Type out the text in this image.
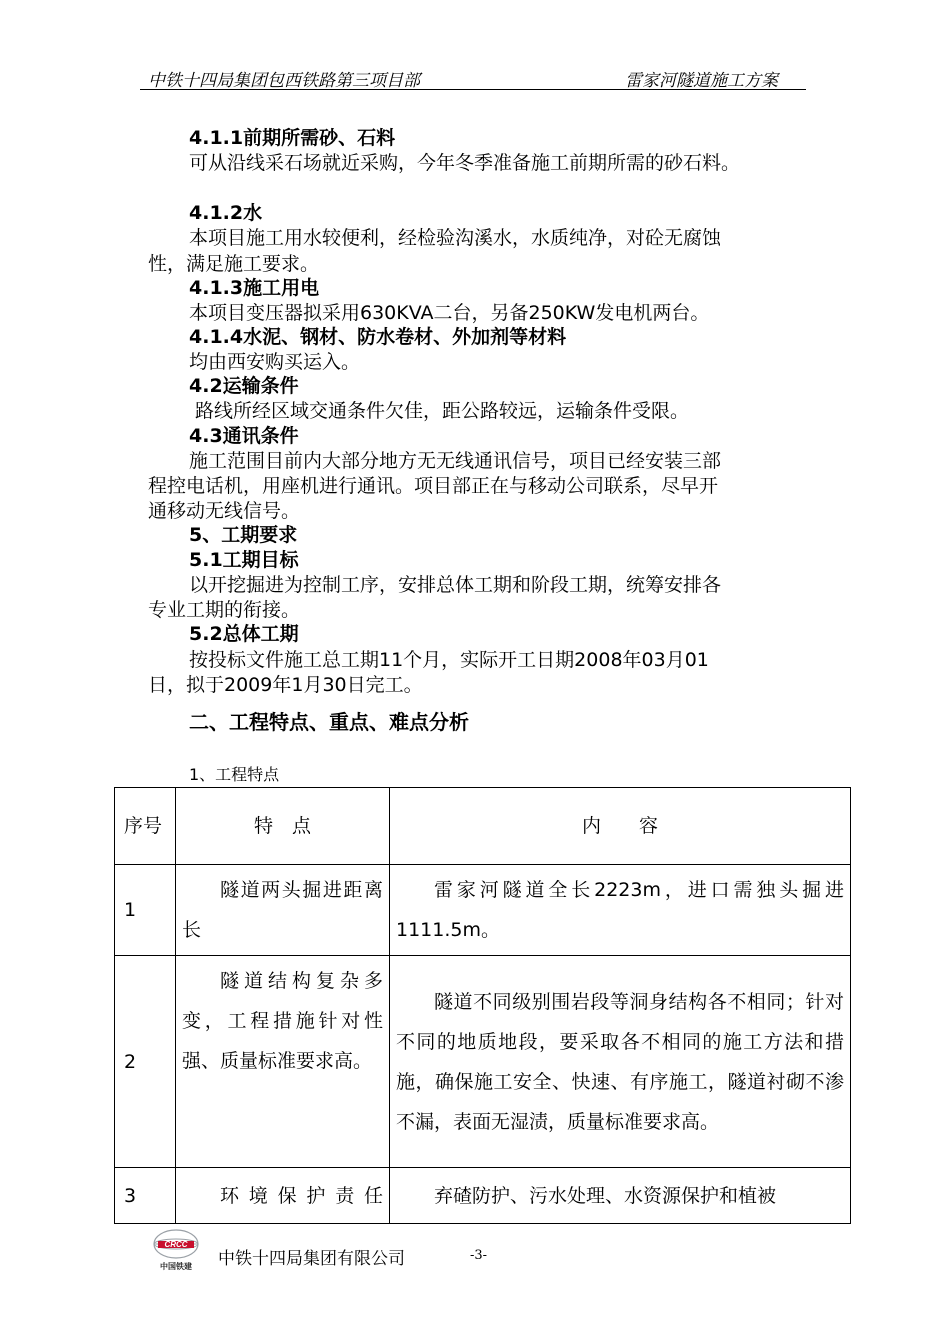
中铁十四局集团包西铁路第三项目部	雷家河隧道施工方案
4.1.1前期所需砂、石料
可从沿线采石场就近采购，今年冬季准备施工前期所需的砂石料。
4.1.2水
本项目施工用水较便利，经检验沟溪水，水质纯净，对砼无腐蚀
性，满足施工要求。
4.1.3施工用电
本项目变压器拟采用630KVA二台，另备250KW发电机两台。
4.1.4水泥、钢材、防水卷材、外加剂等材料
均由西安购买运入。
4.2运输条件
路线所经区域交通条件欠佳，距公路较远，运输条件受限。
4.3通讯条件
施工范围目前内大部分地方无无线通讯信号，项目已经安装三部
程控电话机，用座机进行通讯。项目部正在与移动公司联系，尽早开
通移动无线信号。
5、工期要求
5.1工期目标
以开挖掘进为控制工序，安排总体工期和阶段工期，统筹安排各
专业工期的衔接。
5.2总体工期
按投标文件施工总工期11个月，实际开工日期2008年03月01
日，拟于2009年1月30日完工。
二、工程特点、重点、难点分析
1、工程特点
序号	特　点	内　　容
1	隧道两头掘进距离长	雷家河隧道全长2223m，进口需独头掘进1111.5m。
2	隧道结构复杂多变，工程措施针对性强、质量标准要求高。	隧道不同级别围岩段等洞身结构各不相同；针对不同的地质地段，要采取各不相同的施工方法和措施，确保施工安全、快速、有序施工，隧道衬砌不渗不漏，表面无湿渍，质量标准要求高。
3	环境保护责任	弃碴防护、污水处理、水资源保护和植被
CRCC
中国铁建 中铁十四局集团有限公司	-3-
